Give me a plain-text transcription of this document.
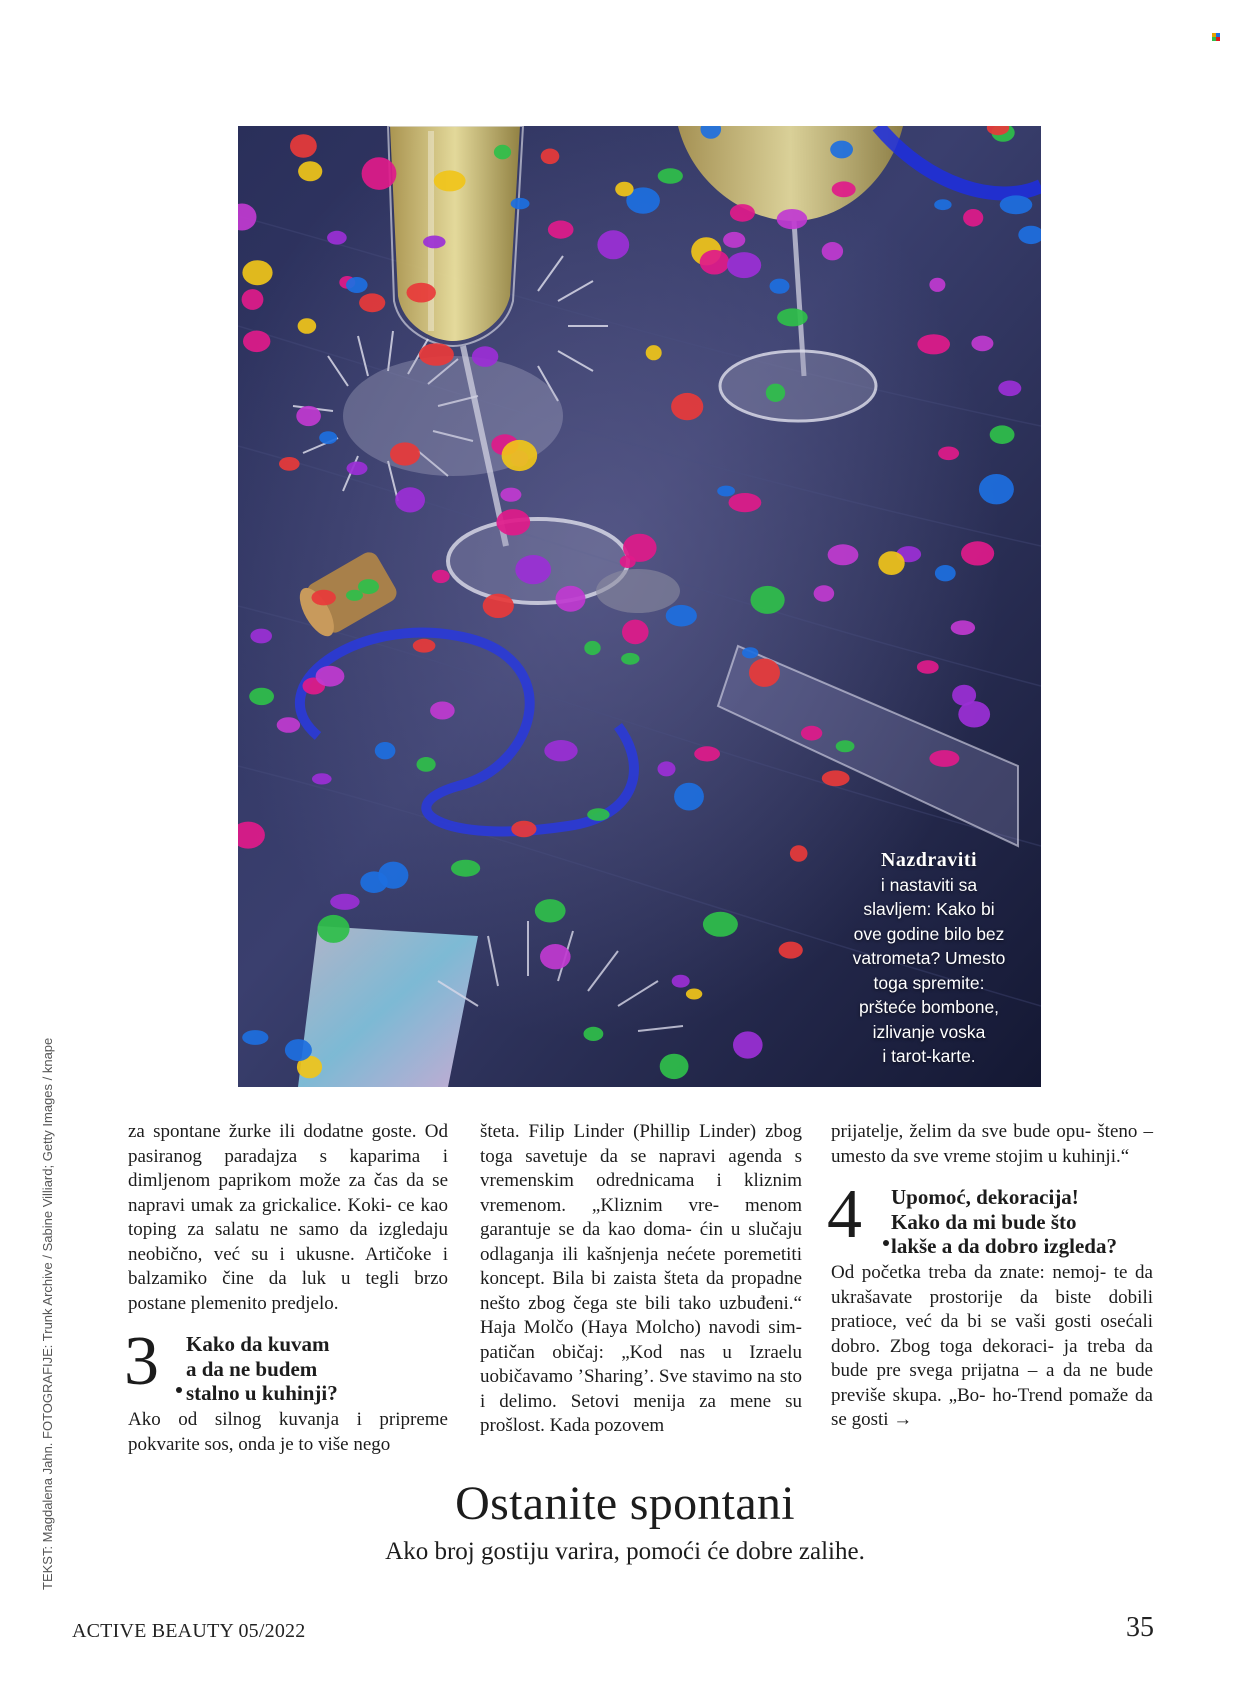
Nazdraviti
i nastaviti sa
slavljem: Kako bi
ove godine bilo bez
vatrometa? Umesto
toga spremite:
pršteće bombone,
izlivanje voska
i tarot-karte.
TEKST: Magdalena Jahn. FOTOGRAFIJE: Trunk Archive / Sabine Villiard; Getty Images / knape	za spontane žurke ili dodatne goste. Od pasiranog paradajza s kaparima i dimljenom paprikom može za čas da se napravi umak za grickalice. Koki- ce kao toping za salatu ne samo da izgledaju neobično, već su i ukusne. Artičoke i balzamiko čine da luk u tegli brzo postane plemenito predjelo.

3 Kako da kuvam
a da ne budem
stalno u kuhinji?

Ako od silnog kuvanja i pripreme pokvarite sos, onda je to više nego

šteta. Filip Linder (Phillip Linder) zbog toga savetuje da se napravi agenda s vremenskim odrednicama i kliznim vremenom. „Kliznim vre- menom garantuje se da kao doma- ćin u slučaju odlaganja ili kašnjenja nećete poremetiti koncept. Bila bi zaista šteta da propadne nešto zbog čega ste bili tako uzbuđeni.“ Haja Molčo (Haya Molcho) navodi sim- patičan običaj: „Kod nas u Izraelu uobičavamo ’Sharing’. Sve stavimo na sto i delimo. Setovi menija za mene su prošlost. Kada pozovem

prijatelje, želim da sve bude opu- šteno – umesto da sve vreme stojim u kuhinji.“

4 Upomoć, dekoracija!
Kako da mi bude što
lakše a da dobro izgleda?

Od početka treba da znate: nemoj- te da ukrašavate prostorije da biste dobili pratioce, već da bi se vaši gosti osećali dobro. Zbog toga dekoraci- ja treba da bude pre svega prijatna – a da ne bude previše skupa. „Bo- ho-Trend pomaže da se gosti →

Ostanite spontani
Ako broj gostiju varira, pomoći će dobre zalihe.
ACTIVE BEAUTY 05/2022	35
